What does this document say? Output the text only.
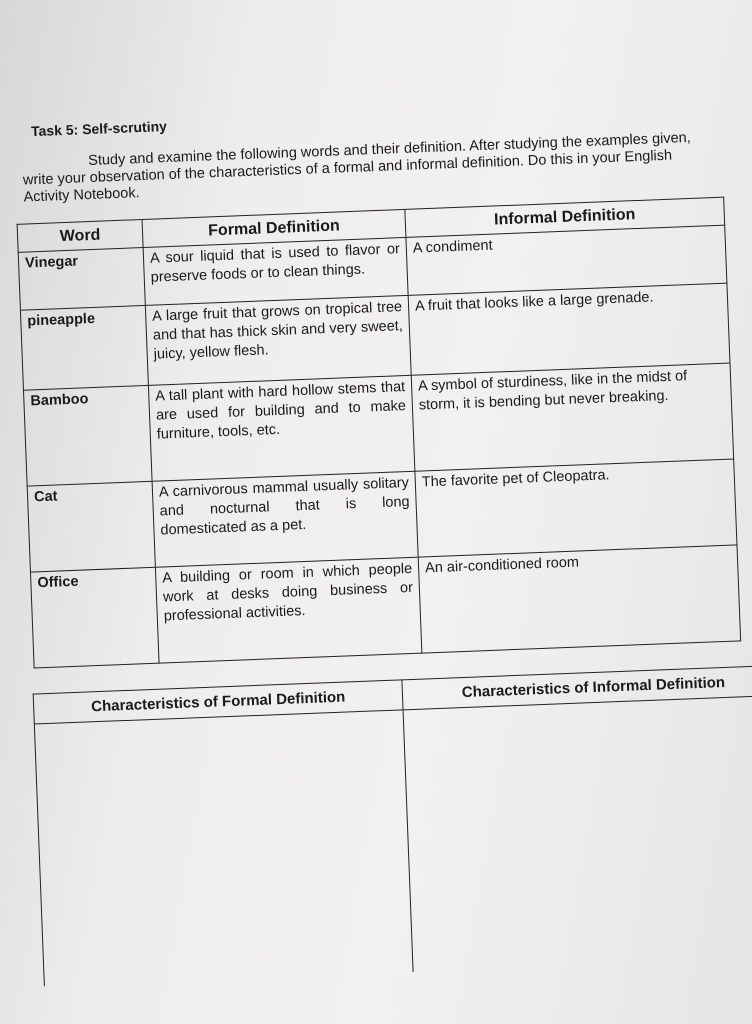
Task 5: Self-scrutiny
Study and examine the following words and their definition. After studying the examples given, write your observation of the characteristics of a formal and informal definition. Do this in your English Activity Notebook.
Word	Formal Definition	Informal Definition
Vinegar	A sour liquid that is used to flavor or preserve foods or to clean things.	A condiment
pineapple	A large fruit that grows on tropical tree and that has thick skin and very sweet, juicy, yellow flesh.	A fruit that looks like a large grenade.
Bamboo	A tall plant with hard hollow stems that are used for building and to make furniture, tools, etc.	A symbol of sturdiness, like in the midst of storm, it is bending but never breaking.
Cat	A carnivorous mammal usually solitary and nocturnal that is long domesticated as a pet.	The favorite pet of Cleopatra.
Office	A building or room in which people work at desks doing business or professional activities.	An air-conditioned room
Characteristics of Formal Definition	Characteristics of Informal Definition
